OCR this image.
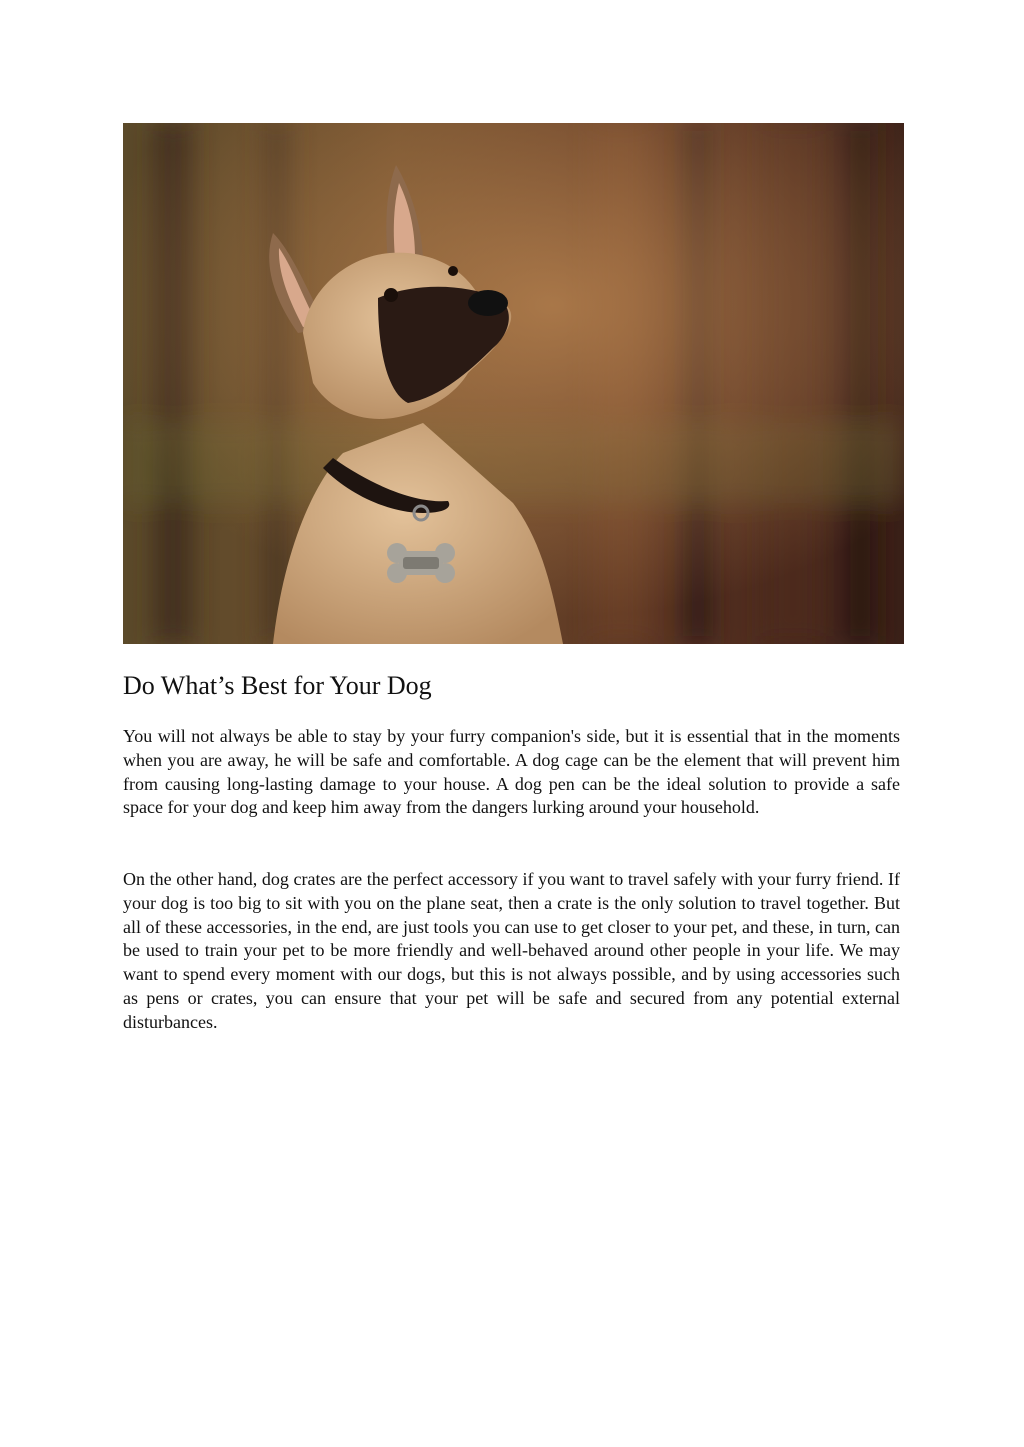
Do What’s Best for Your Dog

You will not always be able to stay by your furry companion's side, but it is essential that in the moments when you are away, he will be safe and comfortable. A dog cage can be the element that will prevent him from causing long-lasting damage to your house. A dog pen can be the ideal solution to provide a safe space for your dog and keep him away from the dangers lurking around your household.

On the other hand, dog crates are the perfect accessory if you want to travel safely with your furry friend. If your dog is too big to sit with you on the plane seat, then a crate is the only solution to travel together. But all of these accessories, in the end, are just tools you can use to get closer to your pet, and these, in turn, can be used to train your pet to be more friendly and well-behaved around other people in your life. We may want to spend every moment with our dogs, but this is not always possible, and by using accessories such as pens or crates, you can ensure that your pet will be safe and secured from any potential external disturbances.
